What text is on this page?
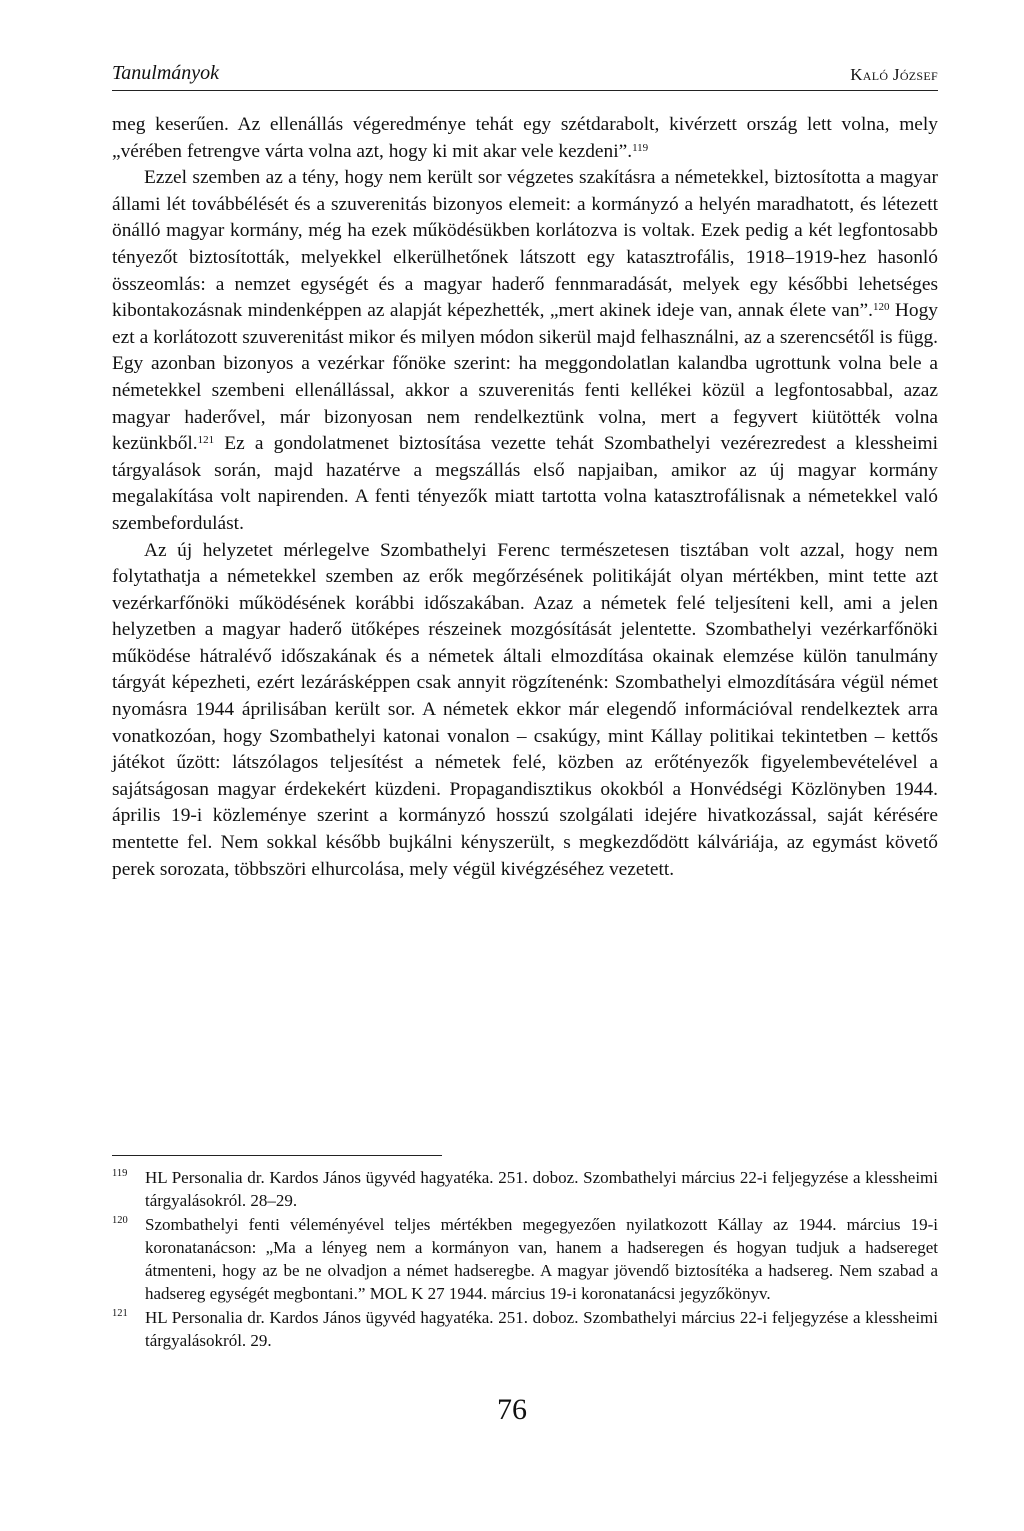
Tanulmányok	Kaló József

meg keserűen. Az ellenállás végeredménye tehát egy szétdarabolt, kivérzett ország lett volna, mely „vérében fetrengve várta volna azt, hogy ki mit akar vele kezdeni”.$^{119}$

Ezzel szemben az a tény, hogy nem került sor végzetes szakításra a németekkel, biztosította a magyar állami lét továbbélését és a szuverenitás bizonyos elemeit: a kormányzó a helyén maradhatott, és létezett önálló magyar kormány, még ha ezek működésükben korlátozva is voltak. Ezek pedig a két legfontosabb tényezőt biztosították, melyekkel elkerülhetőnek látszott egy katasztrofális, 1918–1919-hez hasonló összeomlás: a nemzet egységét és a magyar haderő fennmaradását, melyek egy későbbi lehetséges kibontakozásnak mindenképpen az alapját képezhették, „mert akinek ideje van, annak élete van”.$^{120}$ Hogy ezt a korlátozott szuverenitást mikor és milyen módon sikerül majd felhasználni, az a szerencsétől is függ. Egy azonban bizonyos a vezérkar főnöke szerint: ha meggondolatlan kalandba ugrottunk volna bele a németekkel szembeni ellenállással, akkor a szuverenitás fenti kellékei közül a legfontosabbal, azaz magyar haderővel, már bizonyosan nem rendelkeztünk volna, mert a fegyvert kiütötték volna kezünkből.$^{121}$ Ez a gondolatmenet biztosítása vezette tehát Szombathelyi vezérezredest a klessheimi tárgyalások során, majd hazatérve a megszállás első napjaiban, amikor az új magyar kormány megalakítása volt napirenden. A fenti tényezők miatt tartotta volna katasztrofálisnak a németekkel való szembefordulást.

Az új helyzetet mérlegelve Szombathelyi Ferenc természetesen tisztában volt azzal, hogy nem folytathatja a németekkel szemben az erők megőrzésének politikáját olyan mértékben, mint tette azt vezérkarfőnöki működésének korábbi időszakában. Azaz a németek felé teljesíteni kell, ami a jelen helyzetben a magyar haderő ütőképes részeinek mozgósítását jelentette. Szombathelyi vezérkarfőnöki működése hátralévő időszakának és a németek általi elmozdítása okainak elemzése külön tanulmány tárgyát képezheti, ezért lezárásképpen csak annyit rögzítenénk: Szombathelyi elmozdítására végül német nyomásra 1944 áprilisában került sor. A németek ekkor már elegendő információval rendelkeztek arra vonatkozóan, hogy Szombathelyi katonai vonalon – csakúgy, mint Kállay politikai tekintetben – kettős játékot űzött: látszólagos teljesítést a németek felé, közben az erőtényezők figyelembevételével a sajátságosan magyar érdekekért küzdeni. Propagandisztikus okokból a Honvédségi Közlönyben 1944. április 19-i közleménye szerint a kormányzó hosszú szolgálati idejére hivatkozással, saját kérésére mentette fel. Nem sokkal később bujkálni kényszerült, s megkezdődött kálváriája, az egymást követő perek sorozata, többszöri elhurcolása, mely végül kivégzéséhez vezetett.

119 HL Personalia dr. Kardos János ügyvéd hagyatéka. 251. doboz. Szombathelyi március 22-i feljegyzése a klessheimi tárgyalásokról. 28–29.
120 Szombathelyi fenti véleményével teljes mértékben megegyezően nyilatkozott Kállay az 1944. március 19-i koronatanácson: „Ma a lényeg nem a kormányon van, hanem a hadseregen és hogyan tudjuk a hadsereget átmenteni, hogy az be ne olvadjon a német hadseregbe. A magyar jövendő biztosítéka a hadsereg. Nem szabad a hadsereg egységét megbontani.” MOL K 27 1944. március 19-i koronatanácsi jegyzőkönyv.
121 HL Personalia dr. Kardos János ügyvéd hagyatéka. 251. doboz. Szombathelyi március 22-i feljegyzése a klessheimi tárgyalásokról. 29.
76
